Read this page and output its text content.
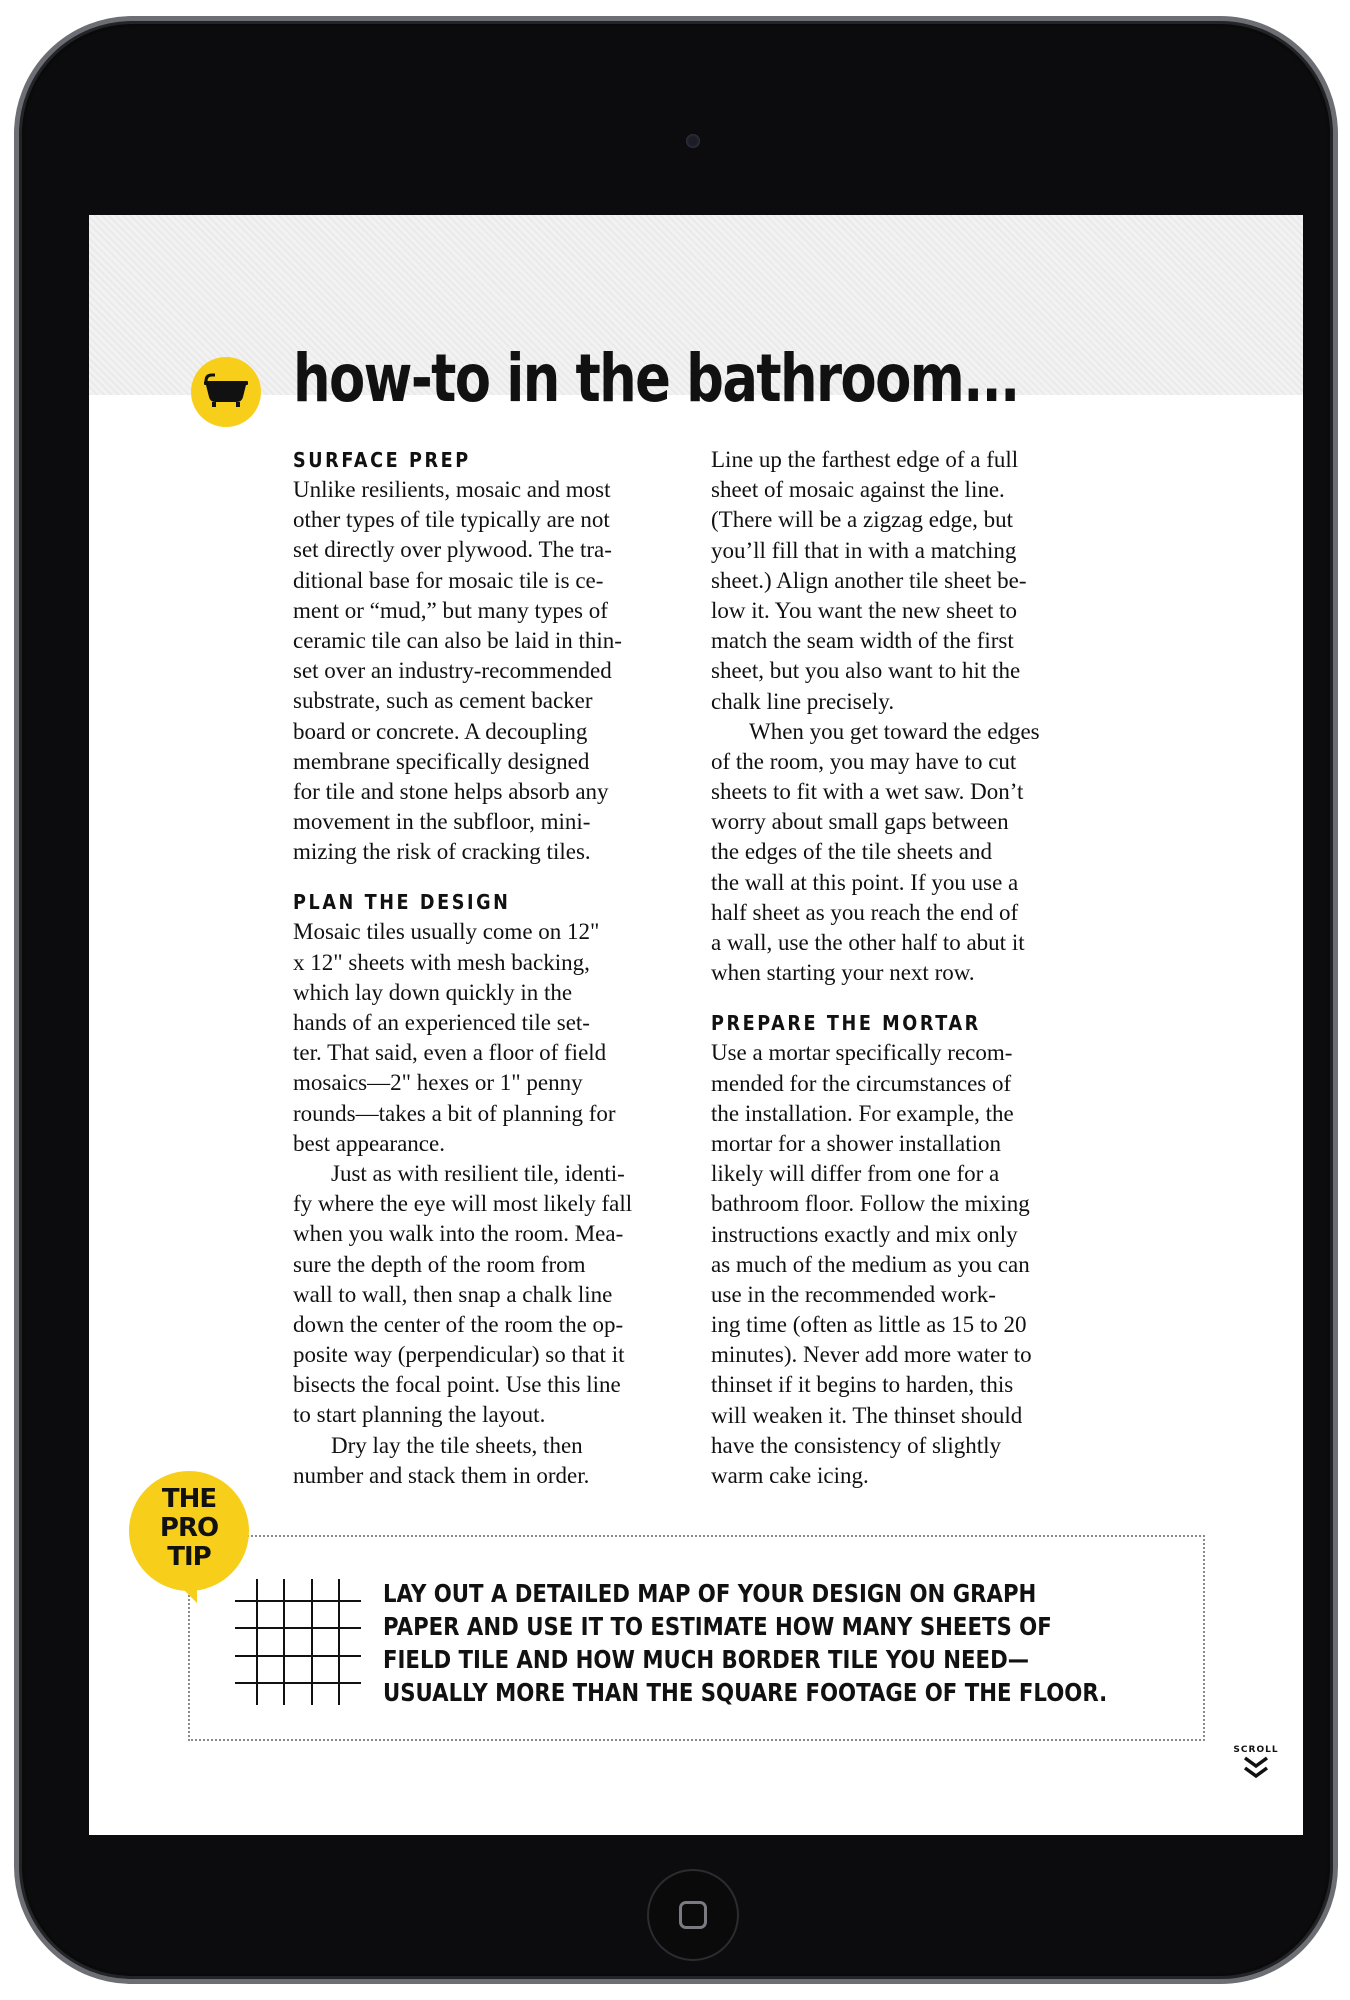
how-to in the bathroom...
SURFACE PREP
Unlike resilients, mosaic and most
other types of tile typically are not
set directly over plywood. The tra-
ditional base for mosaic tile is ce-
ment or “mud,” but many types of
ceramic tile can also be laid in thin-
set over an industry-recommended
substrate, such as cement backer
board or concrete. A decoupling
membrane specifically designed
for tile and stone helps absorb any
movement in the subfloor, mini-
mizing the risk of cracking tiles.
PLAN THE DESIGN
Mosaic tiles usually come on 12"
x 12" sheets with mesh backing,
which lay down quickly in the
hands of an experienced tile set-
ter. That said, even a floor of field
mosaics—2" hexes or 1" penny
rounds—takes a bit of planning for
best appearance.
Just as with resilient tile, identi-
fy where the eye will most likely fall
when you walk into the room. Mea-
sure the depth of the room from
wall to wall, then snap a chalk line
down the center of the room the op-
posite way (perpendicular) so that it
bisects the focal point. Use this line
to start planning the layout.
Dry lay the tile sheets, then
number and stack them in order.
Line up the farthest edge of a full
sheet of mosaic against the line.
(There will be a zigzag edge, but
you’ll fill that in with a matching
sheet.) Align another tile sheet be-
low it. You want the new sheet to
match the seam width of the first
sheet, but you also want to hit the
chalk line precisely.
When you get toward the edges
of the room, you may have to cut
sheets to fit with a wet saw. Don’t
worry about small gaps between
the edges of the tile sheets and
the wall at this point. If you use a
half sheet as you reach the end of
a wall, use the other half to abut it
when starting your next row.
PREPARE THE MORTAR
Use a mortar specifically recom-
mended for the circumstances of
the installation. For example, the
mortar for a shower installation
likely will differ from one for a
bathroom floor. Follow the mixing
instructions exactly and mix only
as much of the medium as you can
use in the recommended work-
ing time (often as little as 15 to 20
minutes). Never add more water to
thinset if it begins to harden, this
will weaken it. The thinset should
have the consistency of slightly
warm cake icing.
THE
PRO
TIP
LAY OUT A DETAILED MAP OF YOUR DESIGN ON GRAPH
PAPER AND USE IT TO ESTIMATE HOW MANY SHEETS OF
FIELD TILE AND HOW MUCH BORDER TILE YOU NEED—
USUALLY MORE THAN THE SQUARE FOOTAGE OF THE FLOOR.
SCROLL
